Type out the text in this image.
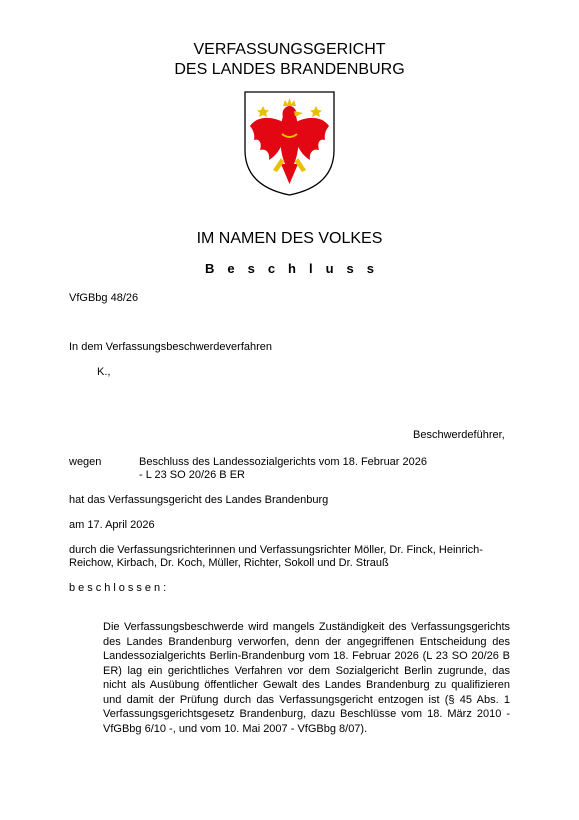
VERFASSUNGSGERICHT
DES LANDES BRANDENBURG
IM NAMEN DES VOLKES
Beschluss
VfGBbg 48/26
In dem Verfassungsbeschwerdeverfahren
K.,
Beschwerdeführer,
wegen	Beschluss des Landessozialgerichts vom 18. Februar 2026
- L 23 SO 20/26 B ER
hat das Verfassungsgericht des Landes Brandenburg
am 17. April 2026
durch die Verfassungsrichterinnen und Verfassungsrichter Möller, Dr. Finck, Heinrich-
Reichow, Kirbach, Dr. Koch, Müller, Richter, Sokoll und Dr. Strauß
beschlossen:
Die Verfassungsbeschwerde wird mangels Zuständigkeit des Verfassungsgerichts des Landes Brandenburg verworfen, denn der angegriffenen Entscheidung des Landessozialgerichts Berlin-Brandenburg vom 18. Februar 2026 (L 23 SO 20/26 B ER) lag ein gerichtliches Verfahren vor dem Sozialgericht Berlin zugrunde, das nicht als Ausübung öffentlicher Gewalt des Landes Brandenburg zu qualifizieren und damit der Prüfung durch das Verfassungsgericht entzogen ist (§ 45 Abs. 1 Verfassungsgerichtsgesetz Brandenburg, dazu Beschlüsse vom 18. März 2010 - VfGBbg 6/10 -, und vom 10. Mai 2007 - VfGBbg 8/07).
